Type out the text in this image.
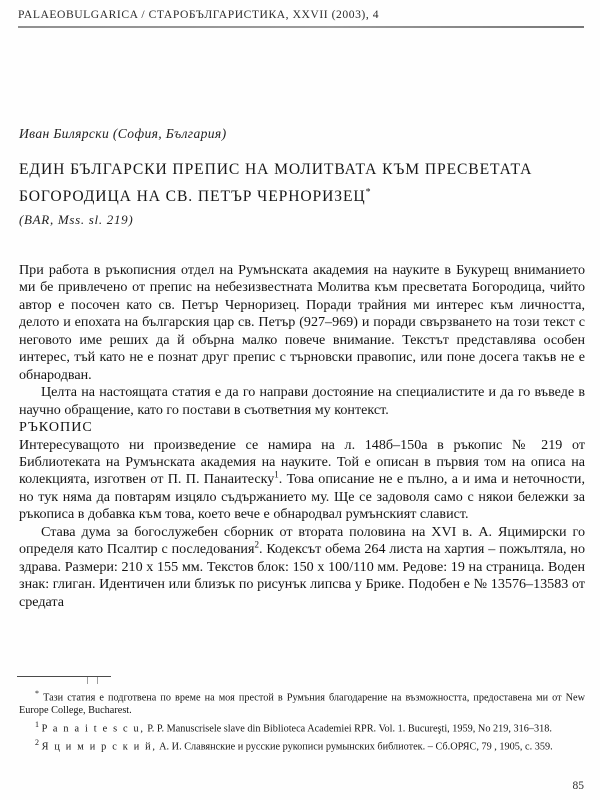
PALAEOBULGARICA / СТАРОБЪЛГАРИСТИКА, XXVII (2003), 4
Иван Билярски (София, България)
ЕДИН БЪЛГАРСКИ ПРЕПИС НА МОЛИТВАТА КЪМ ПРЕСВЕТАТА
БОГОРОДИЦА НА СВ. ПЕТЪР ЧЕРНОРИЗЕЦ*
(BAR, Mss. sl. 219)

При работа в ръкописния отдел на Румънската академия на науките в Букурещ вниманието ми бе привлечено от препис на небезизвестната Молитва към пресветата Богородица, чийто автор е посочен като св. Петър Черноризец. Поради трайния ми интерес към личността, делото и епохата на българския цар св. Петър (927–969) и поради свързването на този текст с неговото име реших да й обърна малко повече внимание. Текстът представлява особен интерес, тъй като не е познат друг препис с търновски правопис, или поне досега такъв не е обнародван.

Целта на настоящата статия е да го направи достояние на специалистите и да го въведе в научно обращение, като го постави в съответния му контекст.

РЪКОПИС

Интересуващото ни произведение се намира на л. 148б–150а в ръкопис № 219 от Библиотеката на Румънската академия на науките. Той е описан в първия том на описа на колекцията, изготвен от П. П. Панаитеску$^1$. Това описание не е пълно, а и има и неточности, но тук няма да повтарям изцяло съдържанието му. Ще се задоволя само с някои бележки за ръкописа в добавка към това, което вече е обнародвал румънският славист.

Става дума за богослужебен сборник от втората половина на XVI в. А. Яцимирски го определя като Псалтир с последования$^2$. Кодексът обема 264 листа на хартия – пожълтяла, но здрава. Размери: 210 х 155 мм. Текстов блок: 150 х 100/110 мм. Редове: 19 на страница. Воден знак: глиган. Идентичен или близък по рисунък липсва у Брике. Подобен е № 13576–13583 от средата

* Тази статия е подготвена по време на моя престой в Румъния благодарение на възможността, предоставена ми от New Europe College, Bucharest.

$^1$ P a n a i t e s c u, P. P. Manuscrisele slave din Biblioteca Academiei RPR. Vol. 1. Bucureşti, 1959, No 219, 316–318.

$^2$ Я ц и м и р с к и й, А. И. Славянские и русские рукописи румынских библиотек. – Сб.ОРЯС, 79 , 1905, с. 359.

85
